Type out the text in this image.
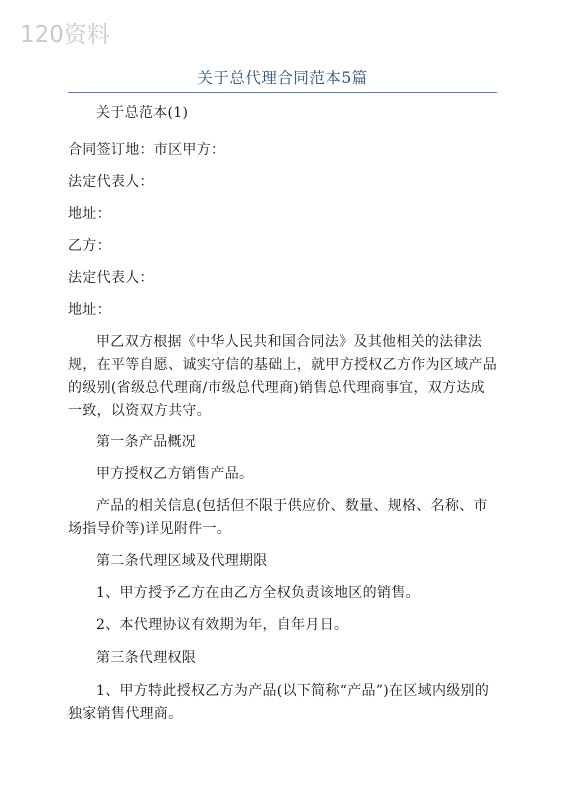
120资料
关于总代理合同范本5篇

关于总范本(1)

合同签订地：市区甲方：

法定代表人：

地址：

乙方：

法定代表人：

地址：

甲乙双方根据《中华人民共和国合同法》及其他相关的法律法规，在平等自愿、诚实守信的基础上，就甲方授权乙方作为区域产品的级别(省级总代理商/市级总代理商)销售总代理商事宜，双方达成一致，以资双方共守。

第一条产品概况

甲方授权乙方销售产品。

产品的相关信息(包括但不限于供应价、数量、规格、名称、市场指导价等)详见附件一。

第二条代理区域及代理期限

1、甲方授予乙方在由乙方全权负责该地区的销售。

2、本代理协议有效期为年，自年月日。

第三条代理权限

1、甲方特此授权乙方为产品(以下简称“产品”)在区域内级别的独家销售代理商。
